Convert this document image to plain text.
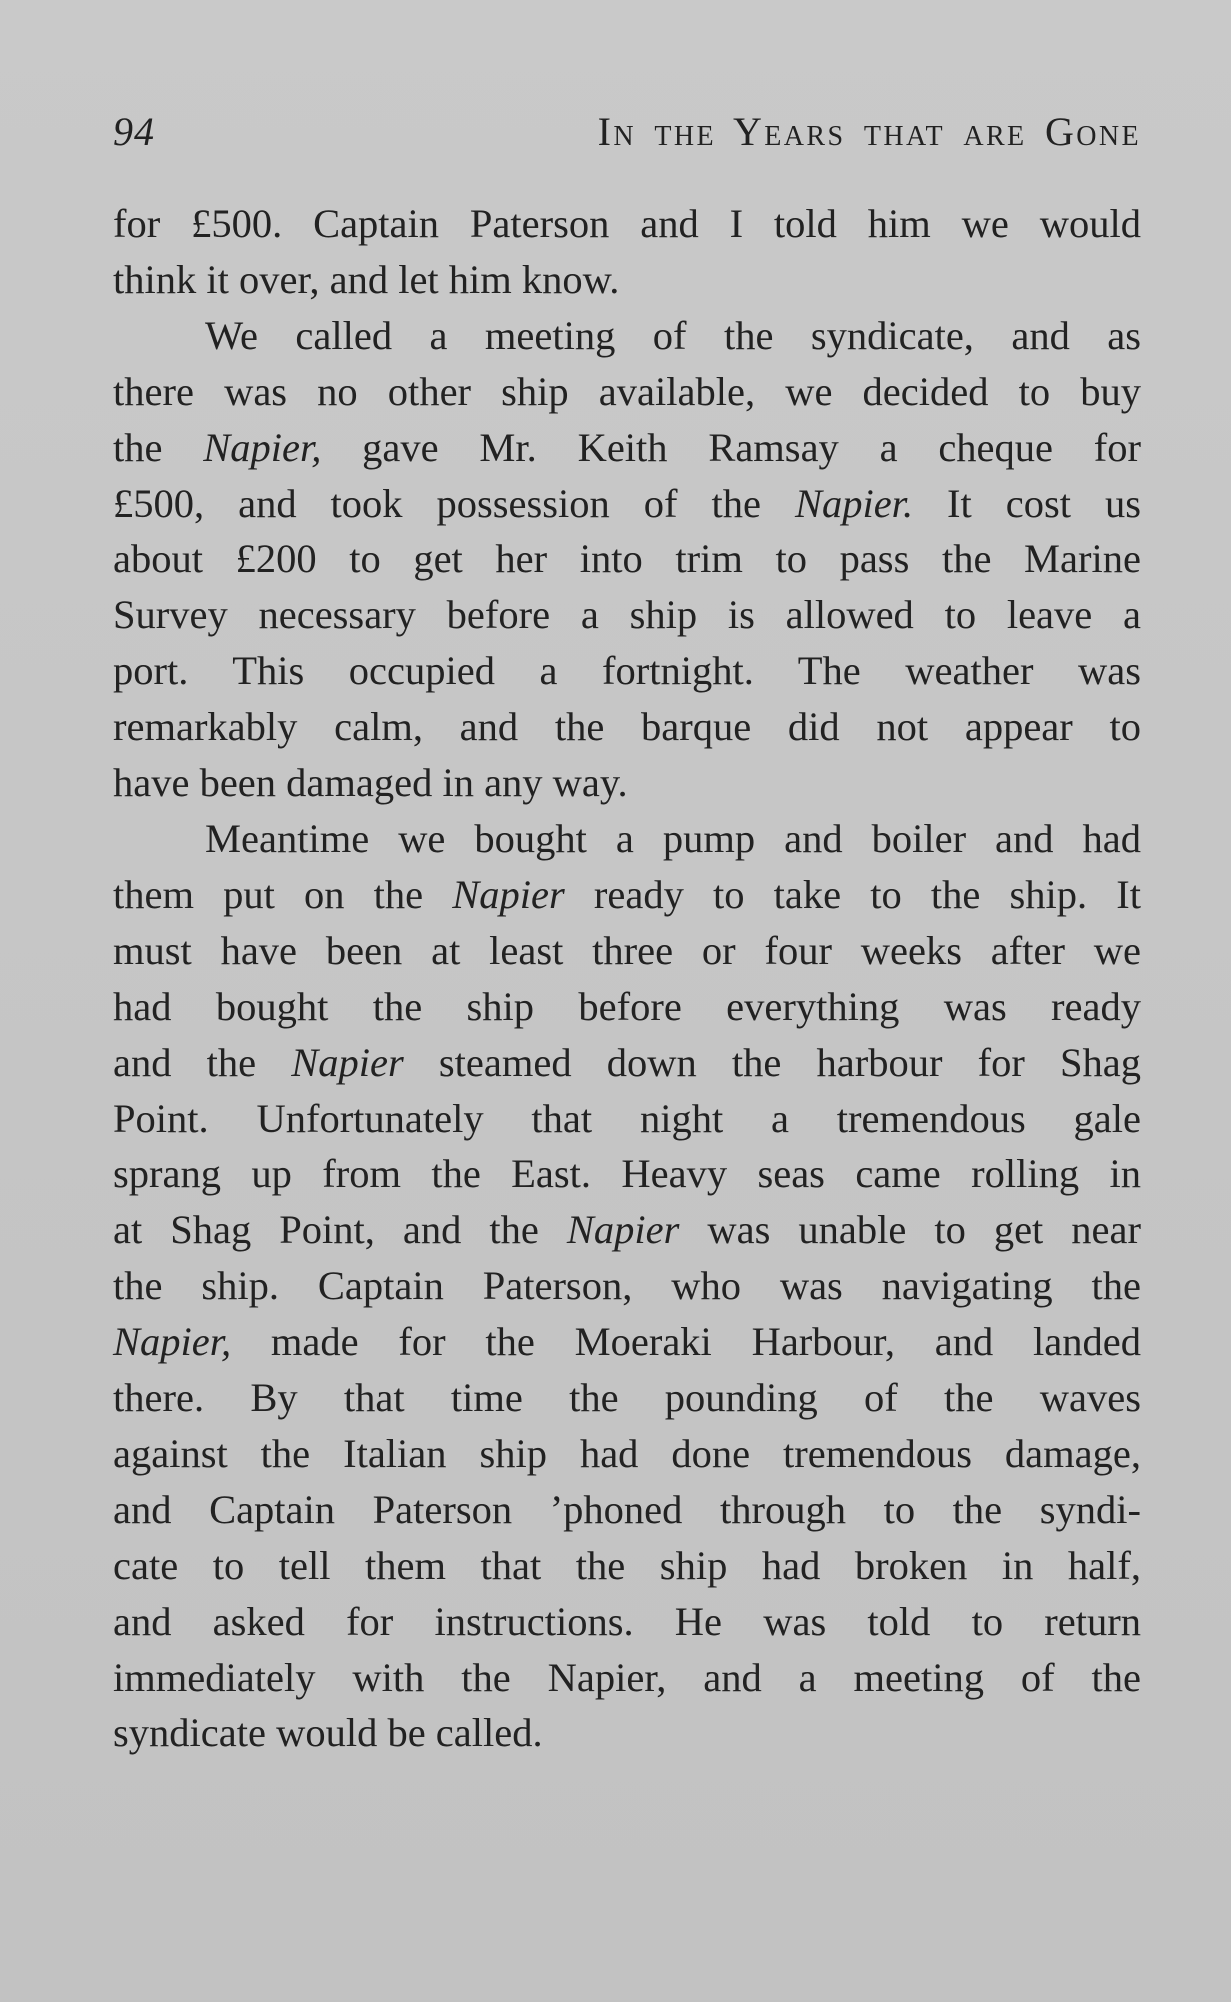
94	In the Years that are Gone

for £500. Captain Paterson and I told him we would

think it over, and let him know.

We called a meeting of the syndicate, and as

there was no other ship available, we decided to buy

the Napier, gave Mr. Keith Ramsay a cheque for

£500, and took possession of the Napier. It cost us

about £200 to get her into trim to pass the Marine

Survey necessary before a ship is allowed to leave a

port. This occupied a fortnight. The weather was

remarkably calm, and the barque did not appear to

have been damaged in any way.

Meantime we bought a pump and boiler and had

them put on the Napier ready to take to the ship. It

must have been at least three or four weeks after we

had bought the ship before everything was ready

and the Napier steamed down the harbour for Shag

Point. Unfortunately that night a tremendous gale

sprang up from the East. Heavy seas came rolling in

at Shag Point, and the Napier was unable to get near

the ship. Captain Paterson, who was navigating the

Napier, made for the Moeraki Harbour, and landed

there. By that time the pounding of the waves

against the Italian ship had done tremendous damage,

and Captain Paterson ’phoned through to the syndi-

cate to tell them that the ship had broken in half,

and asked for instructions. He was told to return

immediately with the Napier, and a meeting of the

syndicate would be called.
